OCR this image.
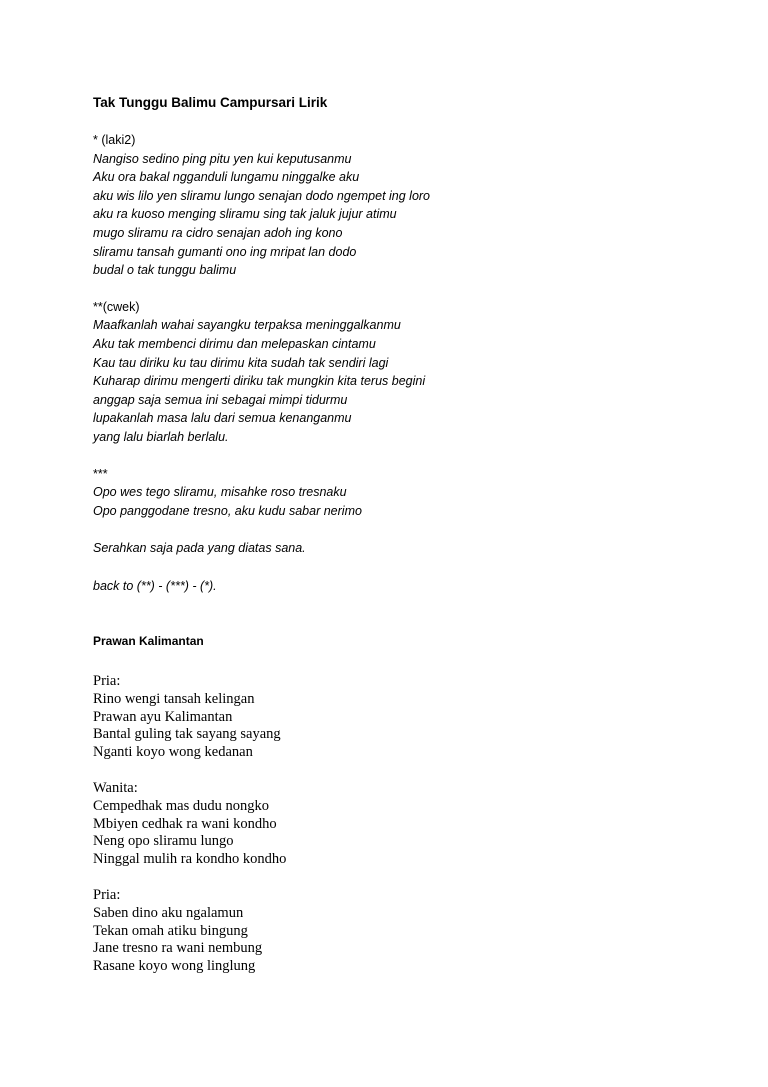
Tak Tunggu Balimu Campursari Lirik

* (laki2)
Nangiso sedino ping pitu yen kui keputusanmu
Aku ora bakal ngganduli lungamu ninggalke aku
aku wis lilo yen sliramu lungo senajan dodo ngempet ing loro
aku ra kuoso menging sliramu sing tak jaluk jujur atimu
mugo sliramu ra cidro senajan adoh ing kono
sliramu tansah gumanti ono ing mripat lan dodo
budal o tak tunggu balimu
**(cwek)
Maafkanlah wahai sayangku terpaksa meninggalkanmu
Aku tak membenci dirimu dan melepaskan cintamu
Kau tau diriku ku tau dirimu kita sudah tak sendiri lagi
Kuharap dirimu mengerti diriku tak mungkin kita terus begini
anggap saja semua ini sebagai mimpi tidurmu
lupakanlah masa lalu dari semua kenanganmu
yang lalu biarlah berlalu.
***
Opo wes tego sliramu, misahke roso tresnaku
Opo panggodane tresno, aku kudu sabar nerimo
Serahkan saja pada yang diatas sana.
back to (**) - (***) - (*).
Prawan Kalimantan
Pria:
Rino wengi tansah kelingan
Prawan ayu Kalimantan
Bantal guling tak sayang sayang
Nganti koyo wong kedanan
Wanita:
Cempedhak mas dudu nongko
Mbiyen cedhak ra wani kondho
Neng opo sliramu lungo
Ninggal mulih ra kondho kondho
Pria:
Saben dino aku ngalamun
Tekan omah atiku bingung
Jane tresno ra wani nembung
Rasane koyo wong linglung
